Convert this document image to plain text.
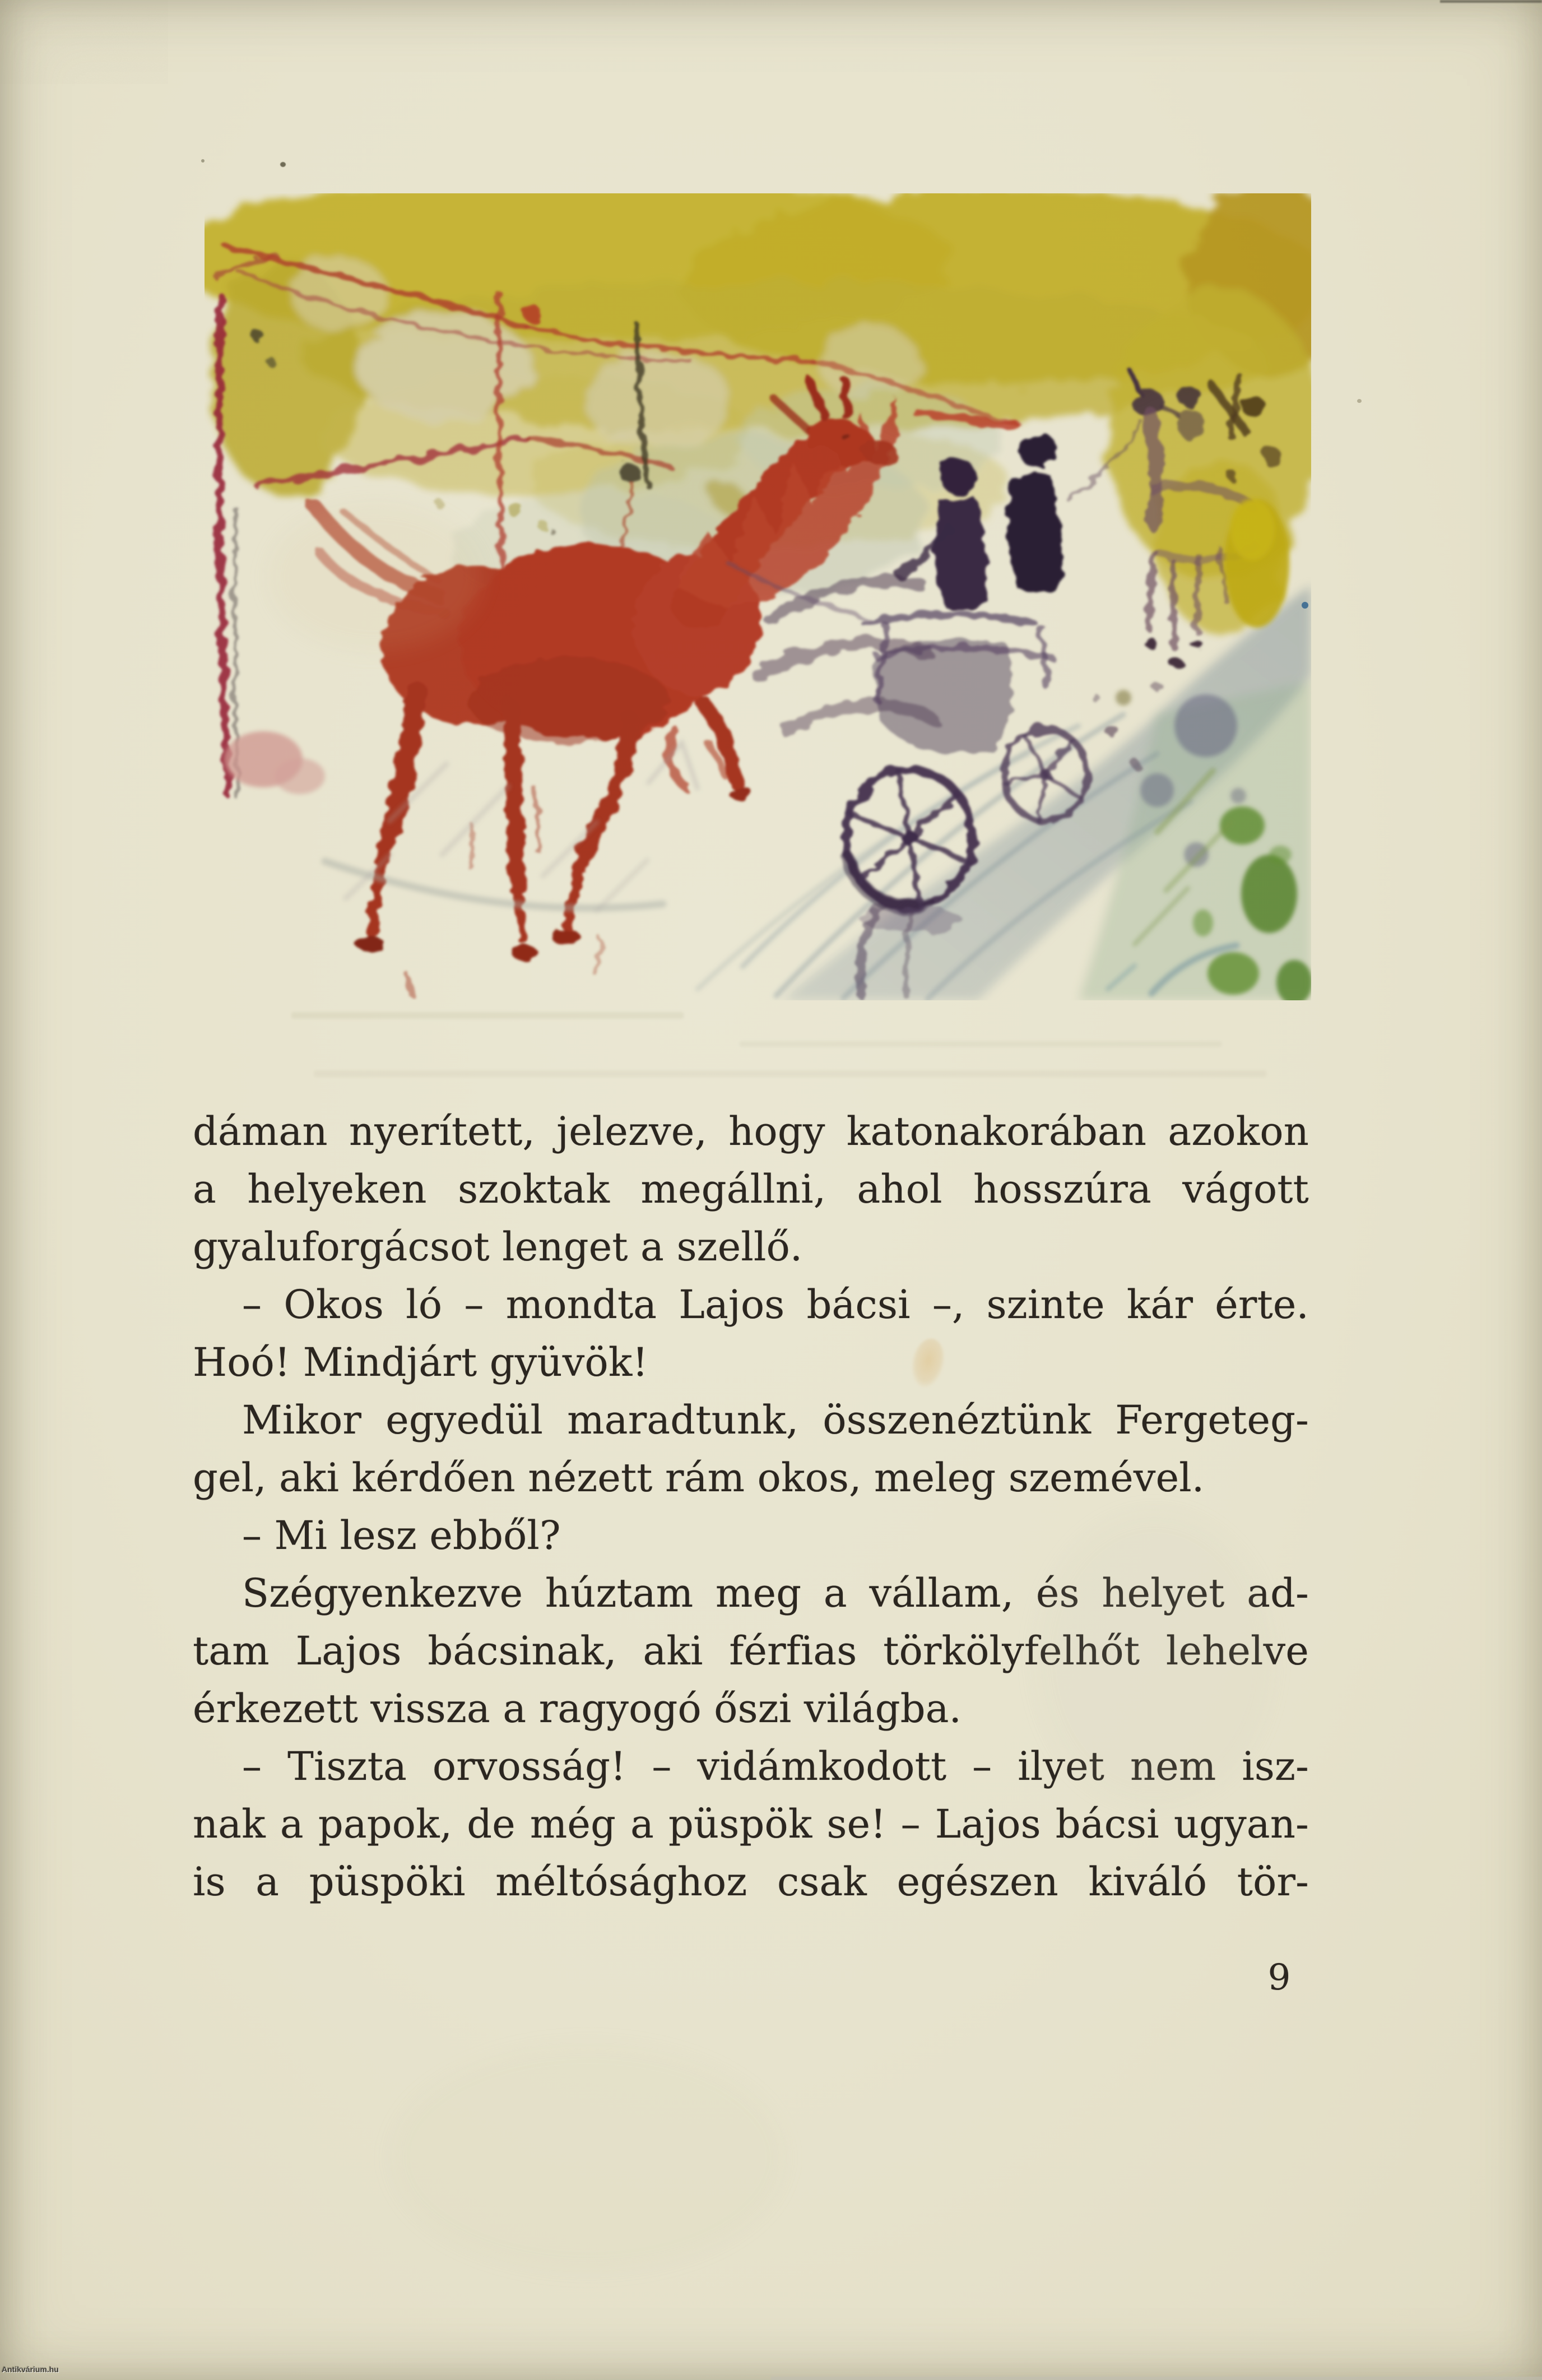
dáman nyerített, jelezve, hogy katonakorában azokon
a helyeken szoktak megállni, ahol hosszúra vágott
gyaluforgácsot lenget a szellő.
– Okos ló – mondta Lajos bácsi –, szinte kár érte.
Hoó! Mindjárt gyüvök!
Mikor egyedül maradtunk, összenéztünk Fergeteg-
gel, aki kérdően nézett rám okos, meleg szemével.
– Mi lesz ebből?
Szégyenkezve húztam meg a vállam, és helyet ad-
tam Lajos bácsinak, aki férfias törkölyfelhőt lehelve
érkezett vissza a ragyogó őszi világba.
– Tiszta orvosság! – vidámkodott – ilyet nem isz-
nak a papok, de még a püspök se! – Lajos bácsi ugyan-
is a püspöki méltósághoz csak egészen kiváló tör-
9
Antikvárium.hu
